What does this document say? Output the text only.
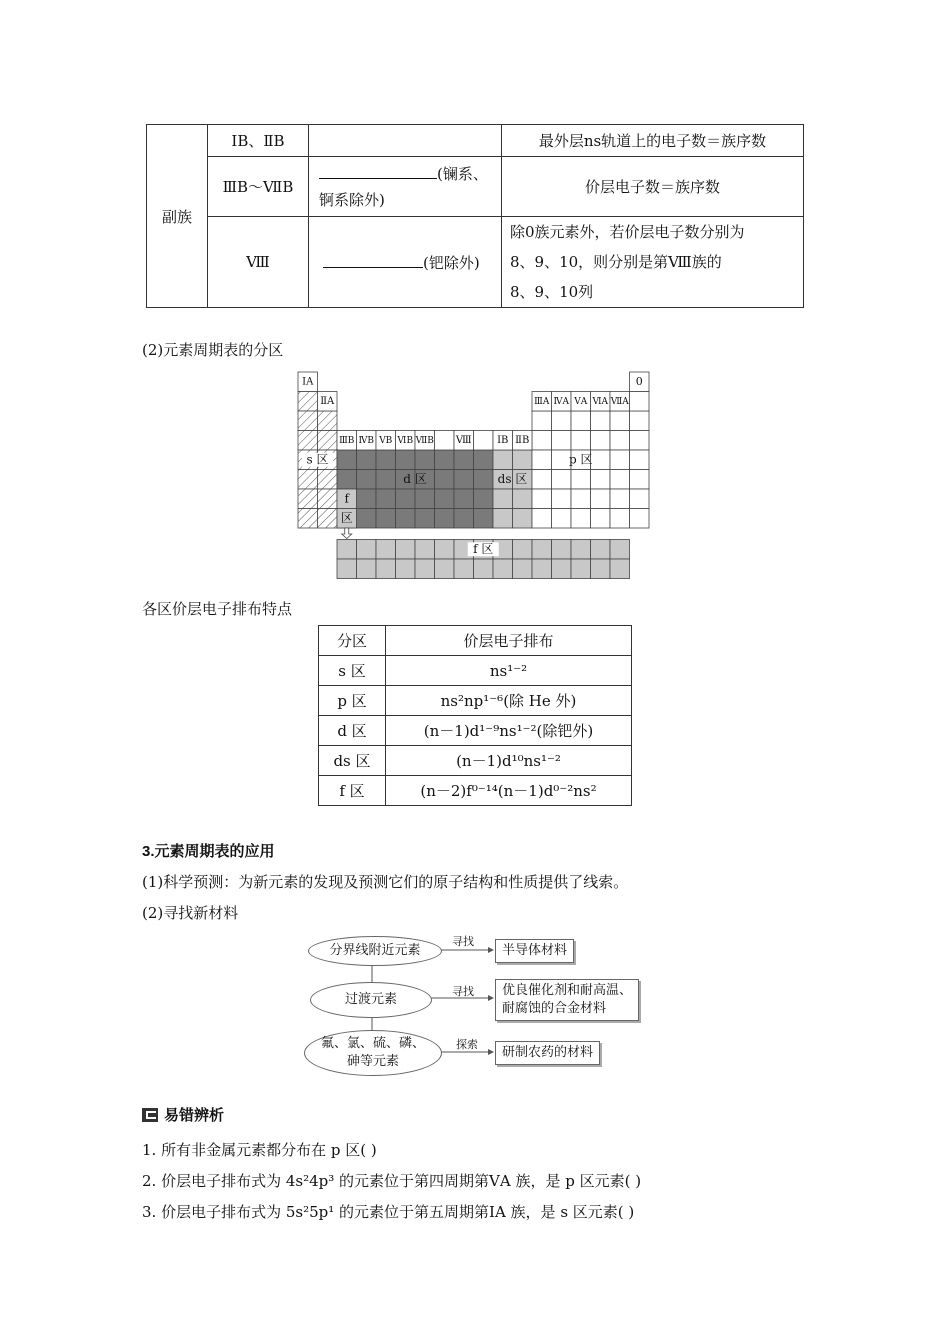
副族	ⅠB、ⅡB		最外层ns轨道上的电子数＝族序数
	ⅢB～ⅦB	(镧系、
锕系除外)	价层电子数＝族序数
	Ⅷ	(钯除外)	除0族元素外，若价层电子数分别为
8、9、10，则分别是第Ⅷ族的
8、9、10列
(2)元素周期表的分区
ⅠA
ⅡA
0
ⅢA ⅣA ⅤA ⅥA ⅦA
ⅢB ⅣB ⅤB ⅥB ⅦB Ⅷ	ⅠB ⅡB
s 区
d 区	ds 区
p 区
f
区
f 区
各区价层电子排布特点
分区	价层电子排布
s 区	ns¹⁻²
p 区	ns²np¹⁻⁶(除 He 外)
d 区	(n－1)d¹⁻⁹ns¹⁻²(除钯外)
ds 区	(n－1)d¹⁰ns¹⁻²
f 区	(n－2)f⁰⁻¹⁴(n－1)d⁰⁻²ns²
3.元素周期表的应用
(1)科学预测：为新元素的发现及预测它们的原子结构和性质提供了线索。
(2)寻找新材料
分界线附近元素
寻找
半导体材料
过渡元素
寻找	优良催化剂和耐高温、
耐腐蚀的合金材料
氟、氯、硫、磷、
砷等元素
探索
研制农药的材料
易错辨析
1. 所有非金属元素都分布在 p 区( )
2. 价层电子排布式为 4s²4p³ 的元素位于第四周期第ⅤA 族，是 p 区元素( )
3. 价层电子排布式为 5s²5p¹ 的元素位于第五周期第ⅠA 族，是 s 区元素( )
